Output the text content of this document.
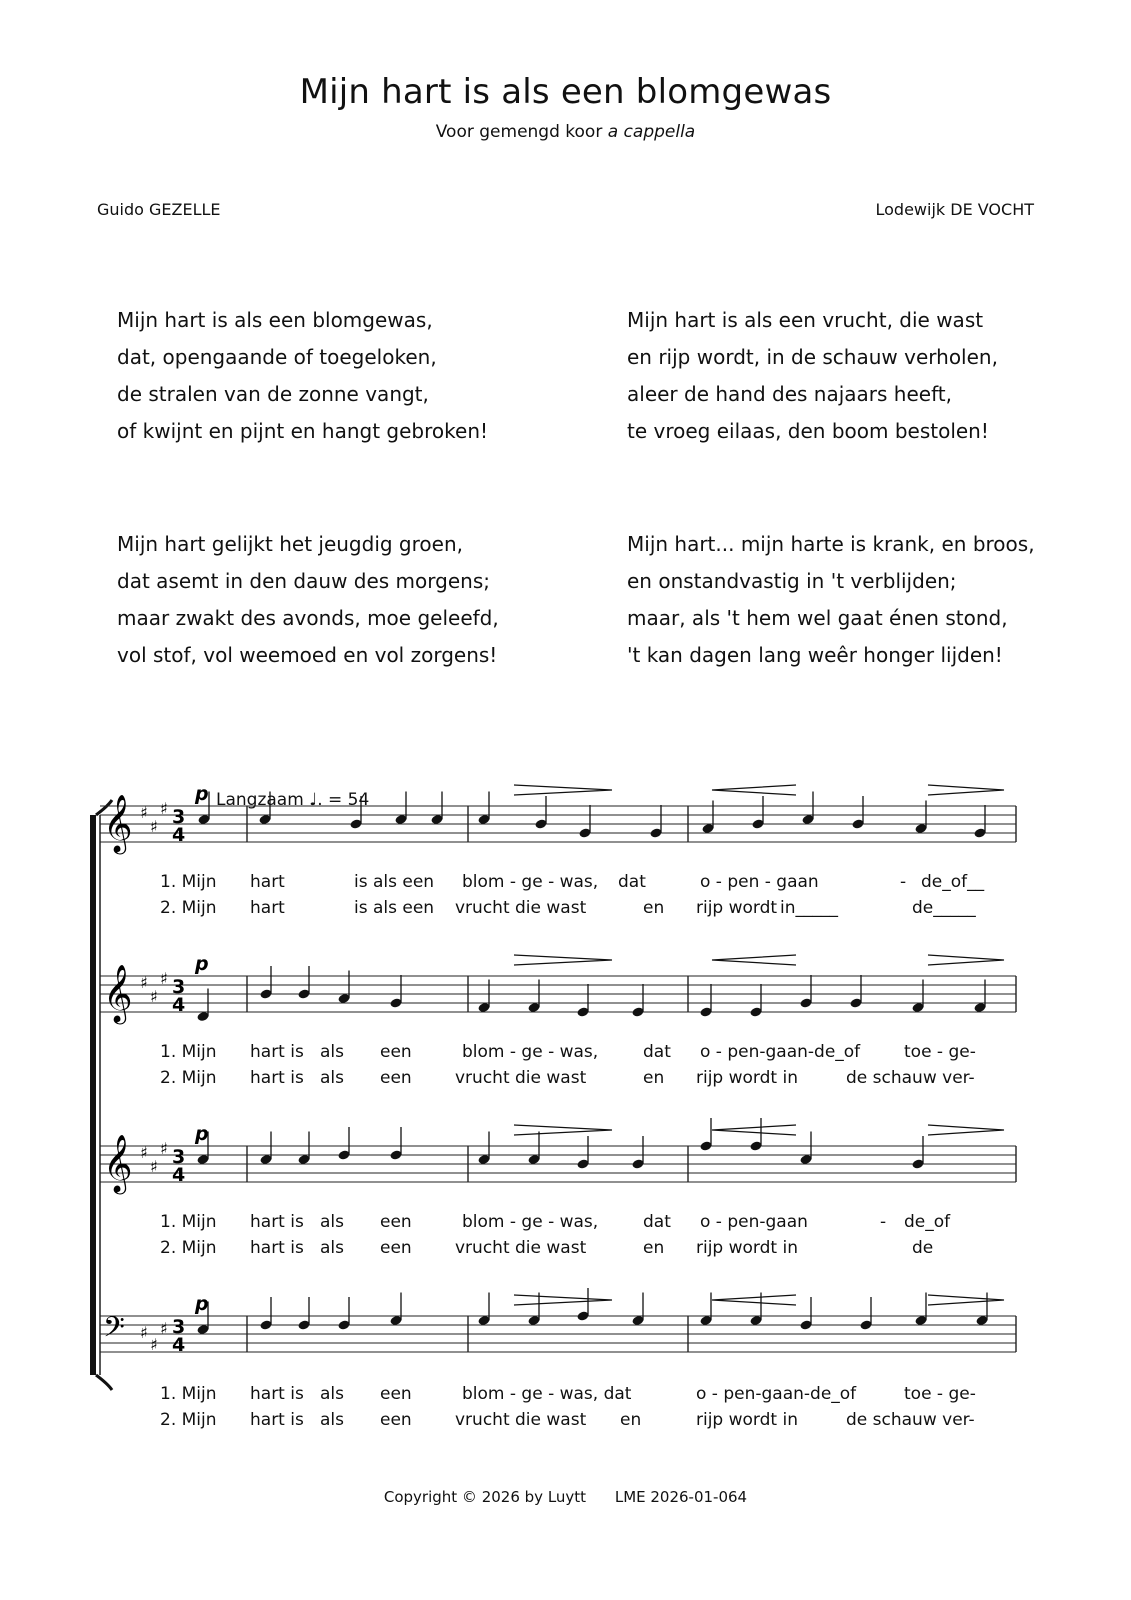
Mijn hart is als een blomgewas
Voor gemengd koor a cappella
Guido GEZELLE	Lodewijk DE VOCHT
Mijn hart is als een blomgewas,
dat, opengaande of toegeloken,
de stralen van de zonne vangt,
of kwijnt en pijnt en hangt gebroken!
Mijn hart is als een vrucht, die wast
en rijp wordt, in de schauw verholen,
aleer de hand des najaars heeft,
te vroeg eilaas, den boom bestolen!
Mijn hart gelijkt het jeugdig groen,
dat asemt in den dauw des morgens;
maar zwakt des avonds, moe geleefd,
vol stof, vol weemoed en vol zorgens!
Mijn hart... mijn harte is krank, en broos,
en onstandvastig in 't verblijden;
maar, als 't hem wel gaat énen stond,
't kan dagen lang weêr honger lijden!
Langzaam ♩. = 54
𝄞 ♯
♯
♯ 3
4
p
𝄞 ♯
♯
♯ 3
4
p
𝄞 ♯
♯
♯ 3
4
p
𝄢 ♯
♯
♯ 3
4
p
1. Mijn hart	is als een blom - ge - was, dat	o - pen - gaan	- de_of__
2. Mijn hart	is als een vrucht die wast	en rijp wordt in_____	de_____
1. Mijn hart is als een	blom - ge - was,	dat o - pen-gaan-de_of	toe - ge-
2. Mijn hart is als een	vrucht die wast	en rijp wordt in	de schauw ver-
1. Mijn hart is als een	blom - ge - was,	dat o - pen-gaan	- de_of
2. Mijn hart is als een	vrucht die wast	en rijp wordt in	de
1. Mijn hart is als een	blom - ge - was, dat	o - pen-gaan-de_of	toe - ge-
2. Mijn hart is als een	vrucht die wast en	rijp wordt in	de schauw ver-
Copyright © 2026 by Luytt LME 2026-01-064
